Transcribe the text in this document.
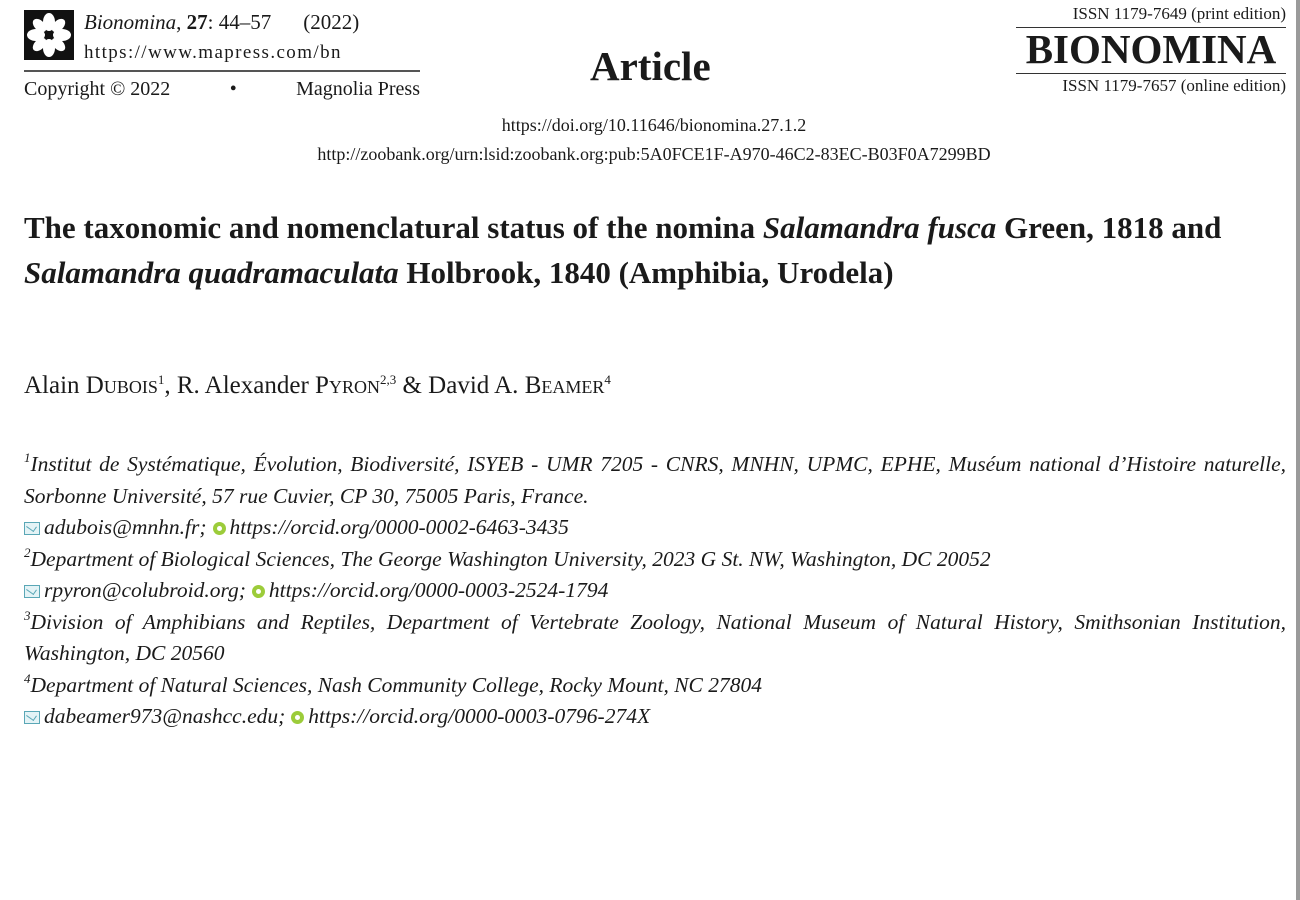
Bionomina, 27: 44–57 (2022)
https://www.mapress.com/bn
Copyright © 2022	•	Magnolia Press	Article
ISSN 1179-7649 (print edition)
BIONOMINA
ISSN 1179-7657 (online edition)
https://doi.org/10.11646/bionomina.27.1.2
http://zoobank.org/urn:lsid:zoobank.org:pub:5A0FCE1F-A970-46C2-83EC-B03F0A7299BD
The taxonomic and nomenclatural status of the nomina Salamandra fusca Green, 1818 and Salamandra quadramaculata Holbrook, 1840 (Amphibia, Urodela)
Alain Dubois$^1$, R. Alexander Pyron$^{2,3}$ & David A. Beamer$^4$

$^1$Institut de Systématique, Évolution, Biodiversité, ISYEB - UMR 7205 - CNRS, MNHN, UPMC, EPHE, Muséum national d’Histoire naturelle, Sorbonne Université, 57 rue Cuvier, CP 30, 75005 Paris, France.

adubois@mnhn.fr; https://orcid.org/0000-0002-6463-3435

$^2$Department of Biological Sciences, The George Washington University, 2023 G St. NW, Washington, DC 20052

rpyron@colubroid.org; https://orcid.org/0000-0003-2524-1794

$^3$Division of Amphibians and Reptiles, Department of Vertebrate Zoology, National Museum of Natural History, Smithsonian Institution, Washington, DC 20560

$^4$Department of Natural Sciences, Nash Community College, Rocky Mount, NC 27804

dabeamer973@nashcc.edu; https://orcid.org/0000-0003-0796-274X
